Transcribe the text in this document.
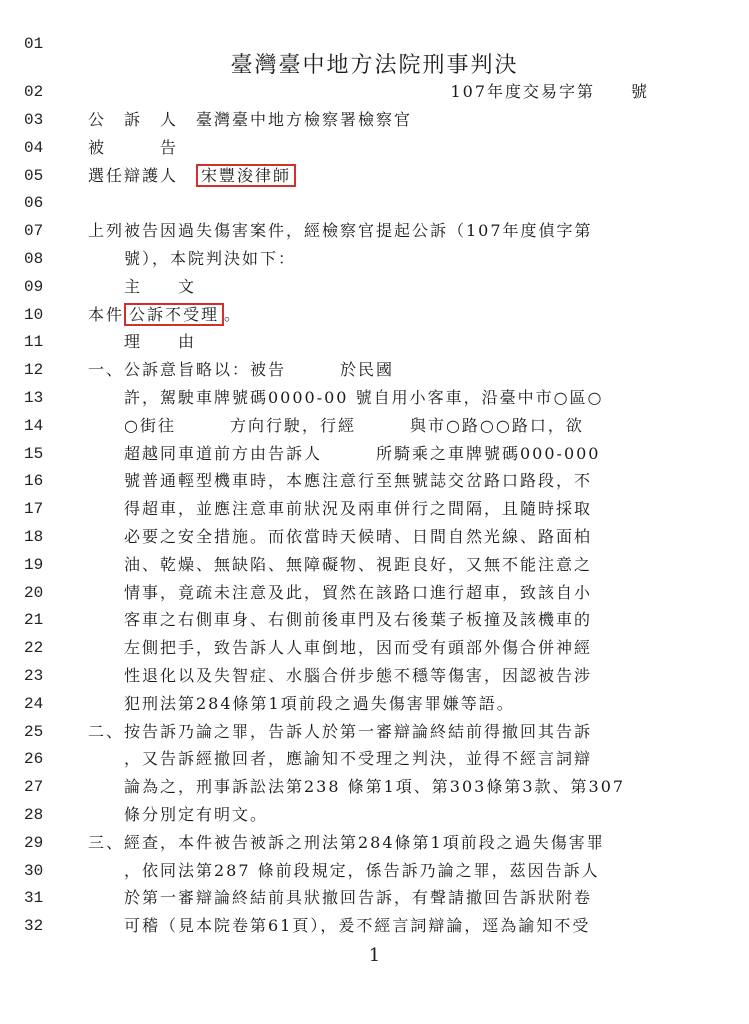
01
臺灣臺中地方法院刑事判決
02	107年度交易字第　　號
03	公　訴　人　臺灣臺中地方檢察署檢察官
04	被　　　告
05	選任辯護人　宋豐浚律師
06
07	上列被告因過失傷害案件，經檢察官提起公訴（107年度偵字第
08	　　號），本院判決如下：
09	　　主　　文
10	本件 公訴不受理 。
11	　　理　　由
12	一、公訴意旨略以：被告　　　於民國
13	　　許，駕駛車牌號碼0000-00 號自用小客車，沿臺中市○區○
14	　　○街往　　　方向行駛，行經　　　與市○路○○路口，欲
15	　　超越同車道前方由告訴人　　　所騎乘之車牌號碼000-000
16	　　號普通輕型機車時，本應注意行至無號誌交岔路口路段，不
17	　　得超車，並應注意車前狀況及兩車併行之間隔，且隨時採取
18	　　必要之安全措施。而依當時天候晴、日間自然光線、路面柏
19	　　油、乾燥、無缺陷、無障礙物、視距良好，又無不能注意之
20	　　情事，竟疏未注意及此，貿然在該路口進行超車，致該自小
21	　　客車之右側車身、右側前後車門及右後葉子板撞及該機車的
22	　　左側把手，致告訴人人車倒地，因而受有頭部外傷合併神經
23	　　性退化以及失智症、水腦合併步態不穩等傷害，因認被告涉
24	　　犯刑法第284條第1項前段之過失傷害罪嫌等語。
25	二、按告訴乃論之罪，告訴人於第一審辯論終結前得撤回其告訴
26	　　，又告訴經撤回者，應諭知不受理之判決，並得不經言詞辯
27	　　論為之，刑事訴訟法第238 條第1項、第303條第3款、第307
28	　　條分別定有明文。
29	三、經查，本件被告被訴之刑法第284條第1項前段之過失傷害罪
30	　　，依同法第287 條前段規定，係告訴乃論之罪，茲因告訴人
31	　　於第一審辯論終結前具狀撤回告訴，有聲請撤回告訴狀附卷
32	　　可稽（見本院卷第61頁），爰不經言詞辯論，逕為諭知不受
1
